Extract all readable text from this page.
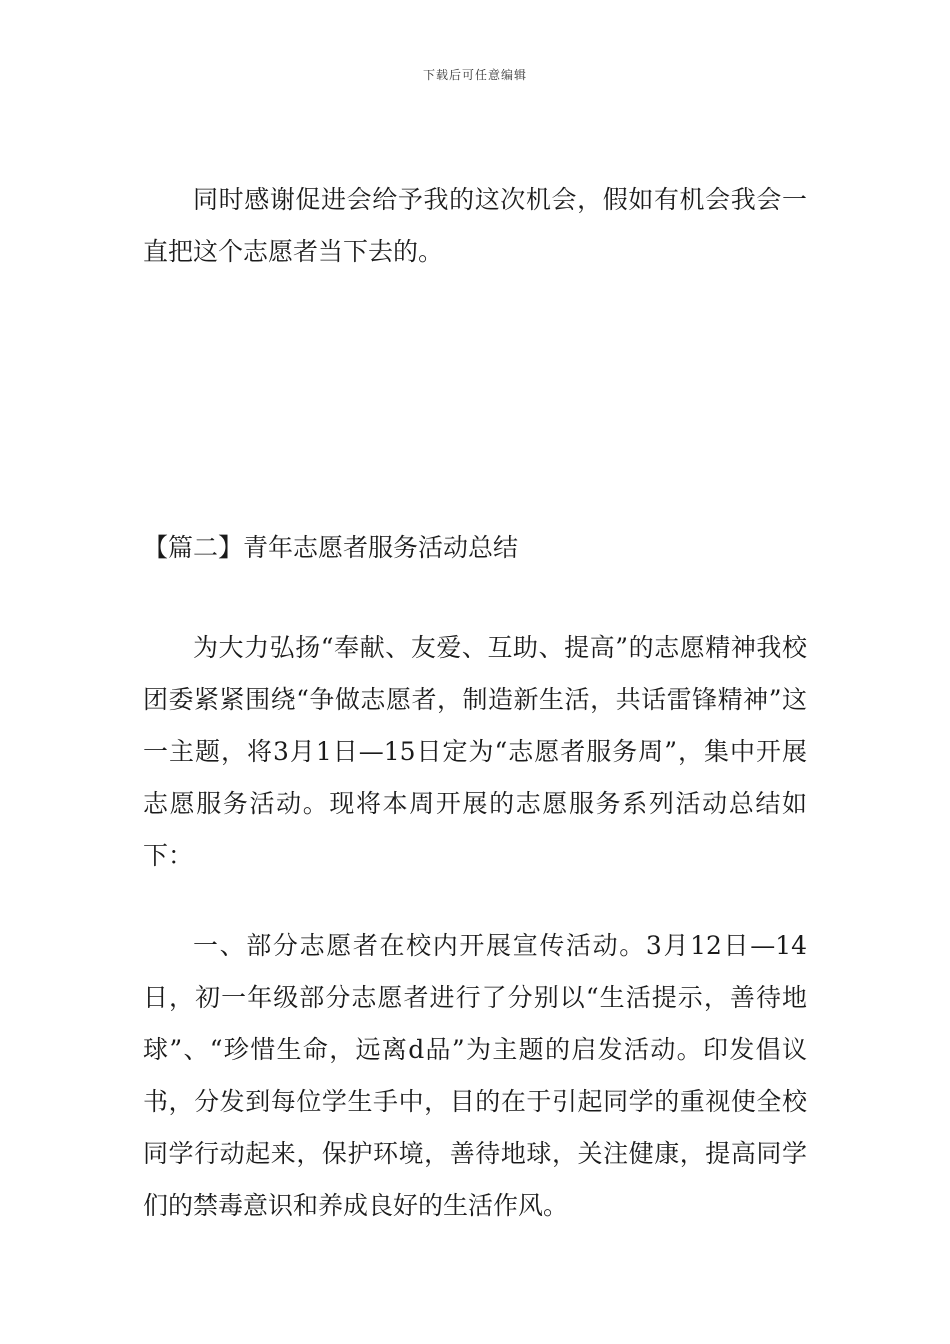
下载后可任意编辑

同时感谢促进会给予我的这次机会，假如有机会我会一直把这个志愿者当下去的。

【篇二】青年志愿者服务活动总结

为大力弘扬“奉献、友爱、互助、提高”的志愿精神我校团委紧紧围绕“争做志愿者，制造新生活，共话雷锋精神”这一主题，将3月1日—15日定为“志愿者服务周”，集中开展志愿服务活动。现将本周开展的志愿服务系列活动总结如下：

一、部分志愿者在校内开展宣传活动。3月12日—14日，初一年级部分志愿者进行了分别以“生活提示，善待地球”、“珍惜生命，远离d品”为主题的启发活动。印发倡议书，分发到每位学生手中，目的在于引起同学的重视使全校同学行动起来，保护环境，善待地球，关注健康，提高同学们的禁毒意识和养成良好的生活作风。
